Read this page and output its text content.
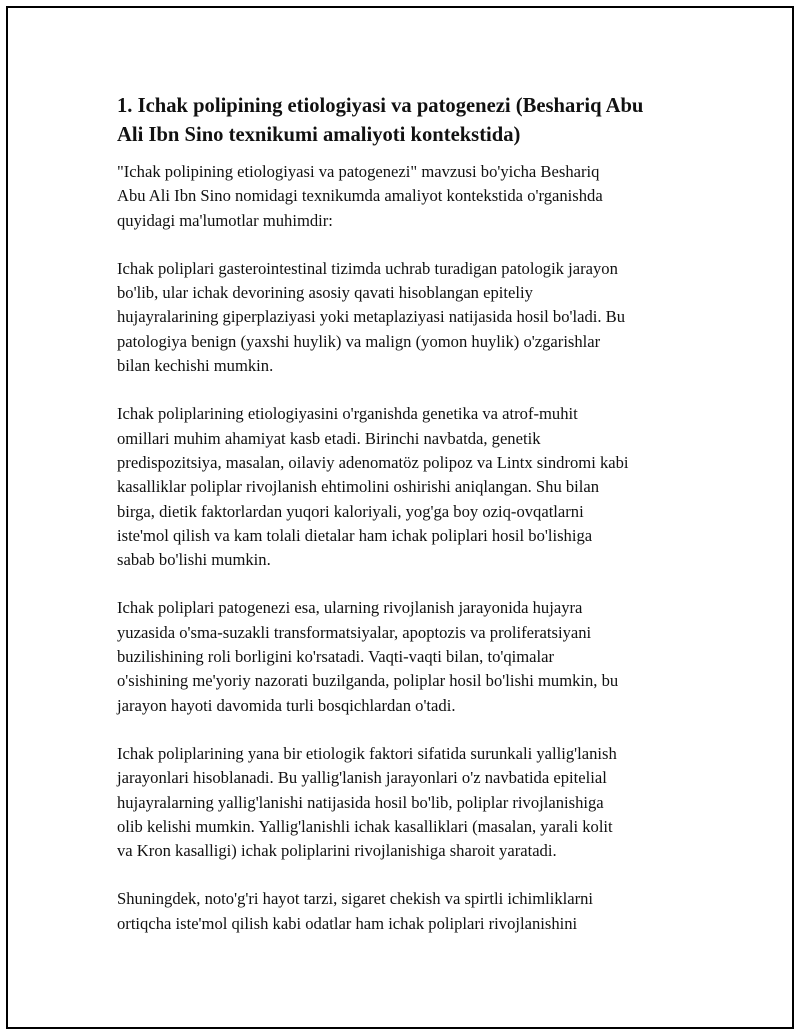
1. Ichak polipining etiologiyasi va patogenezi (Beshariq Abu
Ali Ibn Sino texnikumi amaliyoti kontekstida)

"Ichak polipining etiologiyasi va patogenezi" mavzusi bo'yicha Beshariq
Abu Ali Ibn Sino nomidagi texnikumda amaliyot kontekstida o'rganishda
quyidagi ma'lumotlar muhimdir:

Ichak poliplari gasterointestinal tizimda uchrab turadigan patologik jarayon
bo'lib, ular ichak devorining asosiy qavati hisoblangan epiteliy
hujayralarining giperplaziyasi yoki metaplaziyasi natijasida hosil bo'ladi. Bu
patologiya benign (yaxshi huylik) va malign (yomon huylik) o'zgarishlar
bilan kechishi mumkin.

Ichak poliplarining etiologiyasini o'rganishda genetika va atrof-muhit
omillari muhim ahamiyat kasb etadi. Birinchi navbatda, genetik
predispozitsiya, masalan, oilaviy adenomatöz polipoz va Lintx sindromi kabi
kasalliklar poliplar rivojlanish ehtimolini oshirishi aniqlangan. Shu bilan
birga, dietik faktorlardan yuqori kaloriyali, yog'ga boy oziq-ovqatlarni
iste'mol qilish va kam tolali dietalar ham ichak poliplari hosil bo'lishiga
sabab bo'lishi mumkin.

Ichak poliplari patogenezi esa, ularning rivojlanish jarayonida hujayra
yuzasida o'sma-suzakli transformatsiyalar, apoptozis va proliferatsiyani
buzilishining roli borligini ko'rsatadi. Vaqti-vaqti bilan, to'qimalar
o'sishining me'yoriy nazorati buzilganda, poliplar hosil bo'lishi mumkin, bu
jarayon hayoti davomida turli bosqichlardan o'tadi.

Ichak poliplarining yana bir etiologik faktori sifatida surunkali yallig'lanish
jarayonlari hisoblanadi. Bu yallig'lanish jarayonlari o'z navbatida epitelial
hujayralarning yallig'lanishi natijasida hosil bo'lib, poliplar rivojlanishiga
olib kelishi mumkin. Yallig'lanishli ichak kasalliklari (masalan, yarali kolit
va Kron kasalligi) ichak poliplarini rivojlanishiga sharoit yaratadi.

Shuningdek, noto'g'ri hayot tarzi, sigaret chekish va spirtli ichimliklarni
ortiqcha iste'mol qilish kabi odatlar ham ichak poliplari rivojlanishini
